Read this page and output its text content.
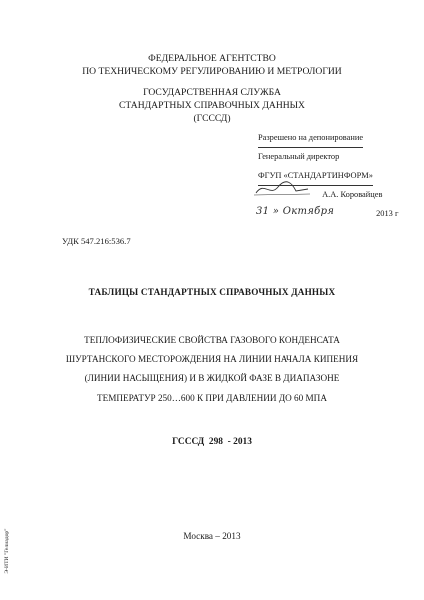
ФЕДЕРАЛЬНОЕ АГЕНТСТВО
ПО ТЕХНИЧЕСКОМУ РЕГУЛИРОВАНИЮ И МЕТРОЛОГИИ
ГОСУДАРСТВЕННАЯ СЛУЖБА
СТАНДАРТНЫХ СПРАВОЧНЫХ ДАННЫХ
(ГСССД)
Разрешено на депонирование
Генеральный директор
ФГУП «СТАНДАРТИНФОРМ»
А.А. Коровайцев
31 » Октября	2013 г
УДК 547.216:536.7
ТАБЛИЦЫ СТАНДАРТНЫХ СПРАВОЧНЫХ ДАННЫХ
ТЕПЛОФИЗИЧЕСКИЕ СВОЙСТВА ГАЗОВОГО КОНДЕНСАТА
ШУРТАНСКОГО МЕСТОРОЖДЕНИЯ НА ЛИНИИ НАЧАЛА КИПЕНИЯ
(ЛИНИИ НАСЫЩЕНИЯ) И В ЖИДКОЙ ФАЗЕ В ДИАПАЗОНЕ
ТЕМПЕРАТУР 250…600 К ПРИ ДАВЛЕНИИ ДО 60 МПА
ГСССД  298  - 2013
Москва – 2013
Э-ИТИ "Гелиадор"
